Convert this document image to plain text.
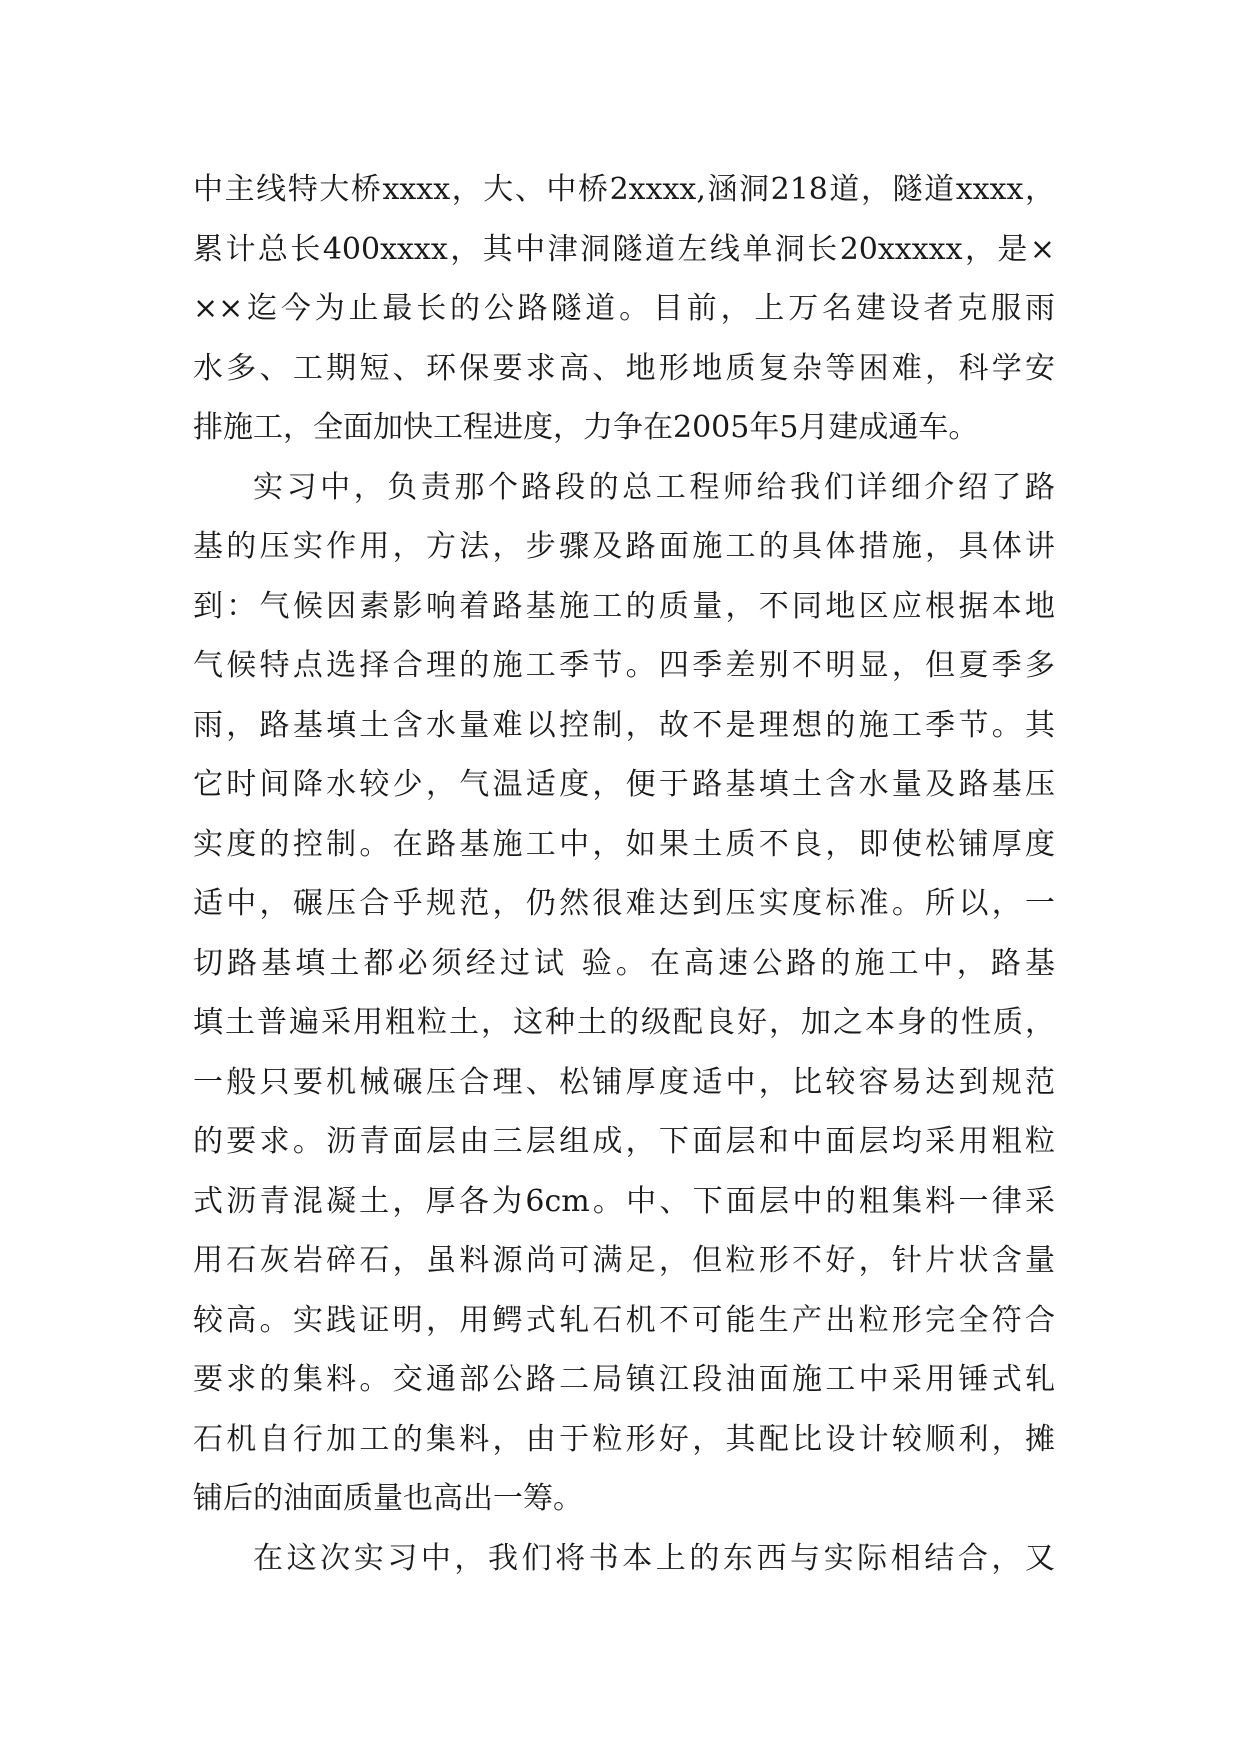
中主线特大桥xxxx，大、中桥2xxxx,涵洞218道，隧道xxxx，
累计总长400xxxx，其中津洞隧道左线单洞长20xxxxx，是×
××迄今为止最长的公路隧道。目前，上万名建设者克服雨
水多、工期短、环保要求高、地形地质复杂等困难，科学安
排施工，全面加快工程进度，力争在2005年5月建成通车。
实习中，负责那个路段的总工程师给我们详细介绍了路
基的压实作用，方法，步骤及路面施工的具体措施，具体讲
到：气候因素影响着路基施工的质量，不同地区应根据本地
气候特点选择合理的施工季节。四季差别不明显，但夏季多
雨，路基填土含水量难以控制，故不是理想的施工季节。其
它时间降水较少，气温适度，便于路基填土含水量及路基压
实度的控制。在路基施工中，如果土质不良，即使松铺厚度
适中，碾压合乎规范，仍然很难达到压实度标准。所以，一
切路基填土都必须经过试 验。在高速公路的施工中，路基
填土普遍采用粗粒土，这种土的级配良好，加之本身的性质，
一般只要机械碾压合理、松铺厚度适中，比较容易达到规范
的要求。沥青面层由三层组成，下面层和中面层均采用粗粒
式沥青混凝土，厚各为6cm。中、下面层中的粗集料一律采
用石灰岩碎石，虽料源尚可满足，但粒形不好，针片状含量
较高。实践证明，用鳄式轧石机不可能生产出粒形完全符合
要求的集料。交通部公路二局镇江段油面施工中采用锤式轧
石机自行加工的集料，由于粒形好，其配比设计较顺利，摊
铺后的油面质量也高出一筹。
在这次实习中，我们将书本上的东西与实际相结合，又
